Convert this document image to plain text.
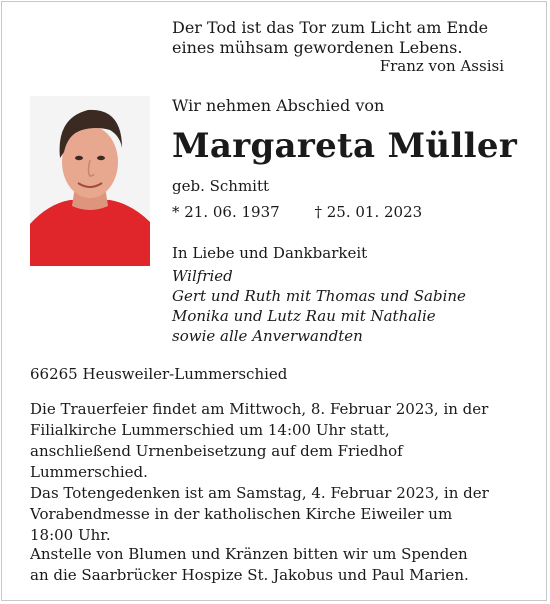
Der Tod ist das Tor zum Licht am Ende
eines mühsam gewordenen Lebens.
Franz von Assisi
Wir nehmen Abschied von
Margareta Müller
geb. Schmitt
* 21. 06. 1937 † 25. 01. 2023
In Liebe und Dankbarkeit
Wilfried
Gert und Ruth mit Thomas und Sabine
Monika und Lutz Rau mit Nathalie
sowie alle Anverwandten
66265 Heusweiler-Lummerschied
Die Trauerfeier findet am Mittwoch, 8. Februar 2023, in der
Filialkirche Lummerschied um 14:00 Uhr statt,
anschließend Urnenbeisetzung auf dem Friedhof
Lummerschied.
Das Totengedenken ist am Samstag, 4. Februar 2023, in der
Vorabendmesse in der katholischen Kirche Eiweiler um
18:00 Uhr.
Anstelle von Blumen und Kränzen bitten wir um Spenden
an die Saarbrücker Hospize St. Jakobus und Paul Marien.
